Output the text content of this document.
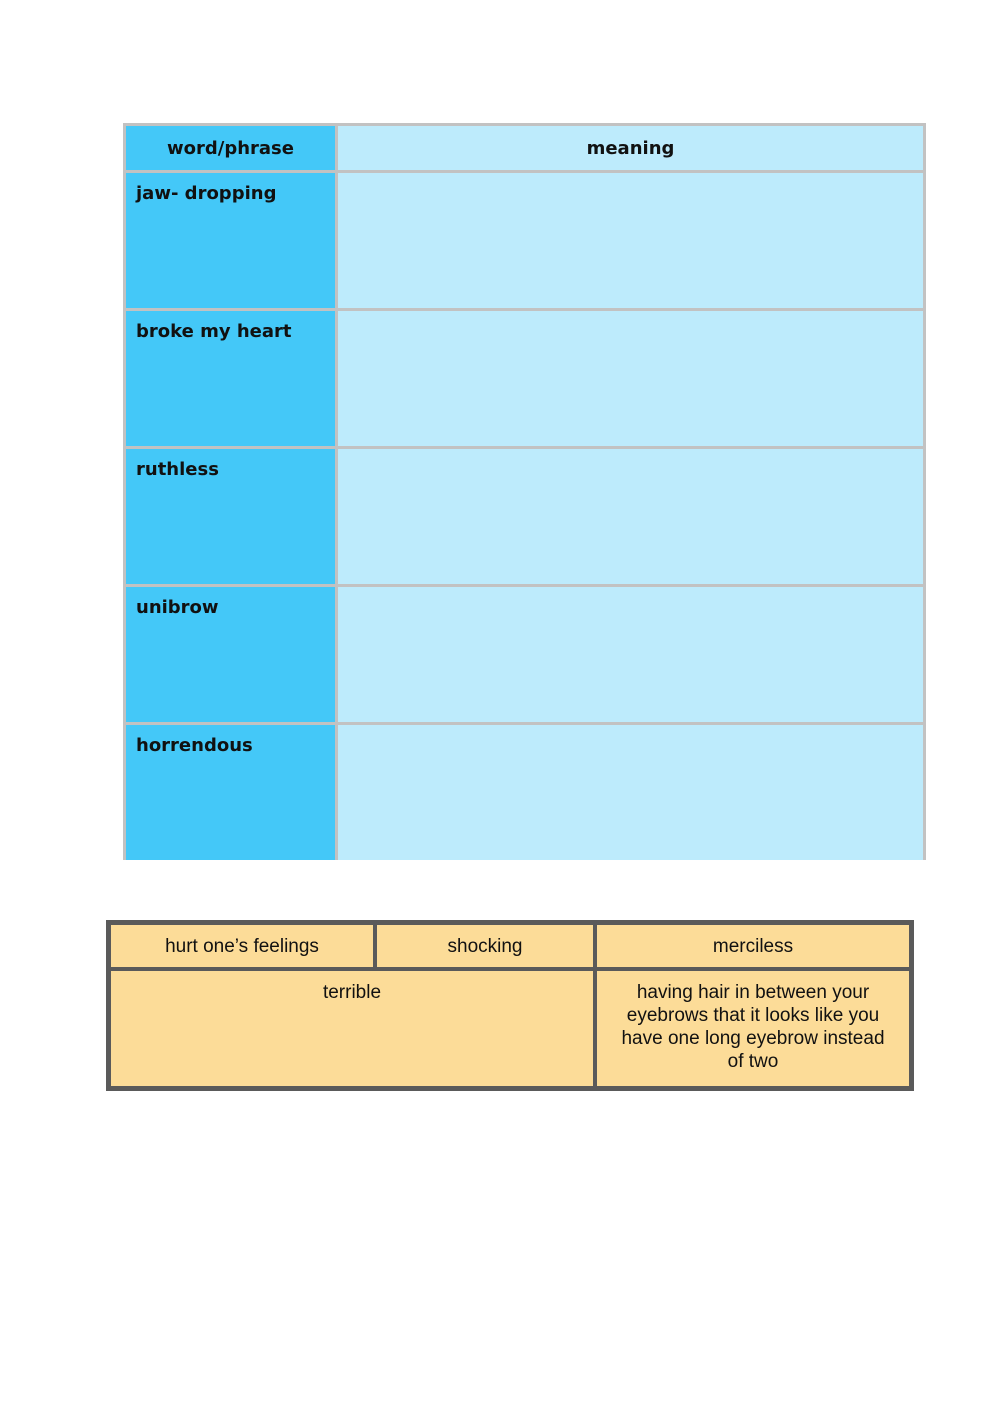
word/phrase	meaning
jaw- dropping
broke my heart
ruthless
unibrow
horrendous
hurt one’s feelings	shocking	merciless
terrible	having hair in between your eyebrows that it looks like you have one long eyebrow instead of two
